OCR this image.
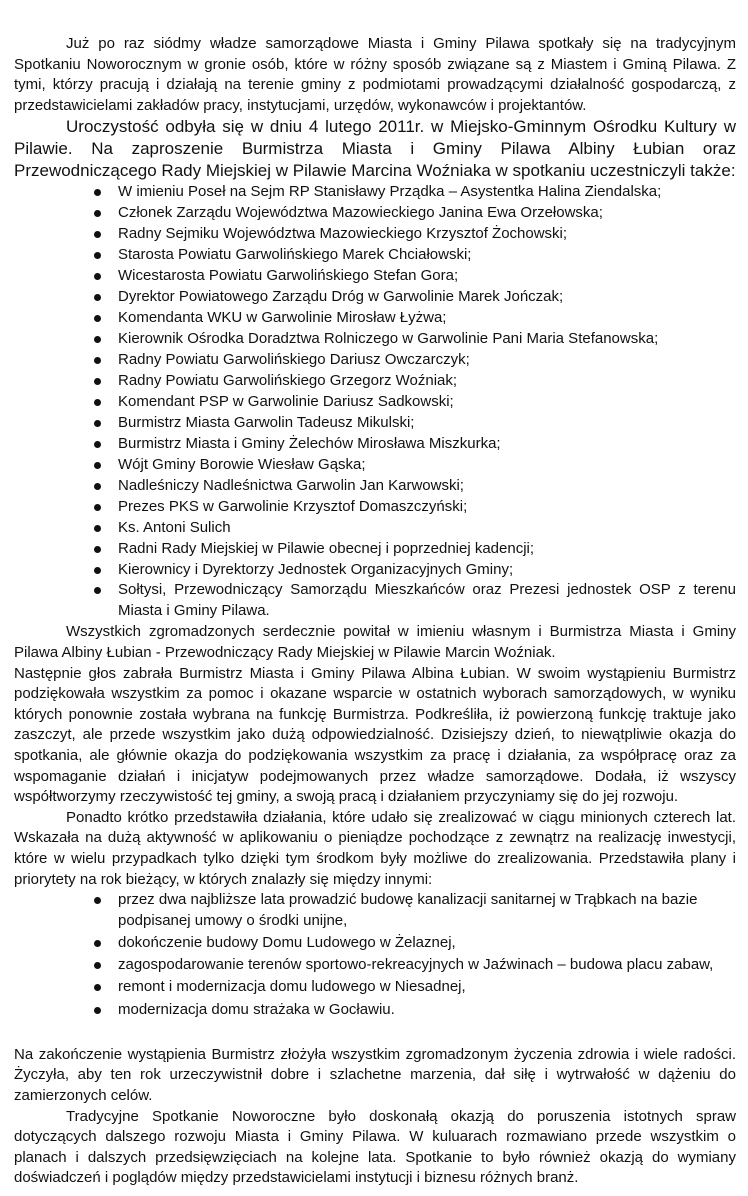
Już po raz siódmy władze samorządowe Miasta i Gminy Pilawa spotkały się na tradycyjnym Spotkaniu Noworocznym w gronie osób, które w różny sposób związane są z Miastem i Gminą Pilawa. Z tymi, którzy pracują i działają na terenie gminy z podmiotami prowadzącymi działalność gospodarczą, z przedstawicielami zakładów pracy, instytucjami, urzędów, wykonawców i projektantów.

Uroczystość odbyła się w dniu 4 lutego 2011r. w Miejsko-Gminnym Ośrodku Kultury w Pilawie. Na zaproszenie Burmistrza Miasta i Gminy Pilawa Albiny Łubian oraz Przewodniczącego Rady Miejskiej w Pilawie Marcina Woźniaka w spotkaniu uczestniczyli także:

W imieniu Poseł na Sejm RP Stanisławy Prządka – Asystentka Halina Ziendalska;
Członek Zarządu Województwa Mazowieckiego Janina Ewa Orzełowska;
Radny Sejmiku Województwa Mazowieckiego Krzysztof Żochowski;
Starosta Powiatu Garwolińskiego Marek Chciałowski;
Wicestarosta Powiatu Garwolińskiego Stefan Gora;
Dyrektor Powiatowego Zarządu Dróg w Garwolinie Marek Jończak;
Komendanta WKU w Garwolinie Mirosław Łyżwa;
Kierownik Ośrodka Doradztwa Rolniczego w Garwolinie Pani Maria Stefanowska;
Radny Powiatu Garwolińskiego Dariusz Owczarczyk;
Radny Powiatu Garwolińskiego Grzegorz Woźniak;
Komendant PSP w Garwolinie Dariusz Sadkowski;
Burmistrz Miasta Garwolin Tadeusz Mikulski;
Burmistrz Miasta i Gminy Żelechów Mirosława Miszkurka;
Wójt Gminy Borowie Wiesław Gąska;
Nadleśniczy Nadleśnictwa Garwolin Jan Karwowski;
Prezes PKS w Garwolinie Krzysztof Domaszczyński;
Ks. Antoni Sulich
Radni Rady Miejskiej w Pilawie obecnej i poprzedniej kadencji;
Kierownicy i Dyrektorzy Jednostek Organizacyjnych Gminy;
Sołtysi, Przewodniczący Samorządu Mieszkańców oraz Prezesi jednostek OSP z terenu Miasta i Gminy Pilawa.

Wszystkich zgromadzonych serdecznie powitał w imieniu własnym i Burmistrza Miasta i Gminy Pilawa Albiny Łubian - Przewodniczący Rady Miejskiej w Pilawie Marcin Woźniak.

Następnie głos zabrała Burmistrz Miasta i Gminy Pilawa Albina Łubian. W swoim wystąpieniu Burmistrz podziękowała wszystkim za pomoc i okazane wsparcie w ostatnich wyborach samorządowych, w wyniku których ponownie została wybrana na funkcję Burmistrza. Podkreśliła, iż powierzoną funkcję traktuje jako zaszczyt, ale przede wszystkim jako dużą odpowiedzialność. Dzisiejszy dzień, to niewątpliwie okazja do spotkania, ale głównie okazja do podziękowania wszystkim za pracę i działania, za współpracę oraz za wspomaganie działań i inicjatyw podejmowanych przez władze samorządowe. Dodała, iż wszyscy współtworzymy rzeczywistość tej gminy, a swoją pracą i działaniem przyczyniamy się do jej rozwoju.

Ponadto krótko przedstawiła działania, które udało się zrealizować w ciągu minionych czterech lat. Wskazała na dużą aktywność w aplikowaniu o pieniądze pochodzące z zewnątrz na realizację inwestycji, które w wielu przypadkach tylko dzięki tym środkom były możliwe do zrealizowania. Przedstawiła plany i priorytety na rok bieżący, w których znalazły się między innymi:

przez dwa najbliższe lata prowadzić budowę kanalizacji sanitarnej w Trąbkach na bazie podpisanej umowy o środki unijne,
dokończenie budowy Domu Ludowego w Żelaznej,
zagospodarowanie terenów sportowo-rekreacyjnych w Jaźwinach – budowa placu zabaw,
remont i modernizacja domu ludowego w Niesadnej,
modernizacja domu strażaka w Gocławiu.

Na zakończenie wystąpienia Burmistrz złożyła wszystkim zgromadzonym życzenia zdrowia i wiele radości. Życzyła, aby ten rok urzeczywistnił dobre i szlachetne marzenia, dał siłę i wytrwałość w dążeniu do zamierzonych celów.

Tradycyjne Spotkanie Noworoczne było doskonałą okazją do poruszenia istotnych spraw dotyczących dalszego rozwoju Miasta i Gminy Pilawa. W kuluarach rozmawiano przede wszystkim o planach i dalszych przedsięwzięciach na kolejne lata. Spotkanie to było również okazją do wymiany doświadczeń i poglądów między przedstawicielami instytucji i biznesu różnych branż.
